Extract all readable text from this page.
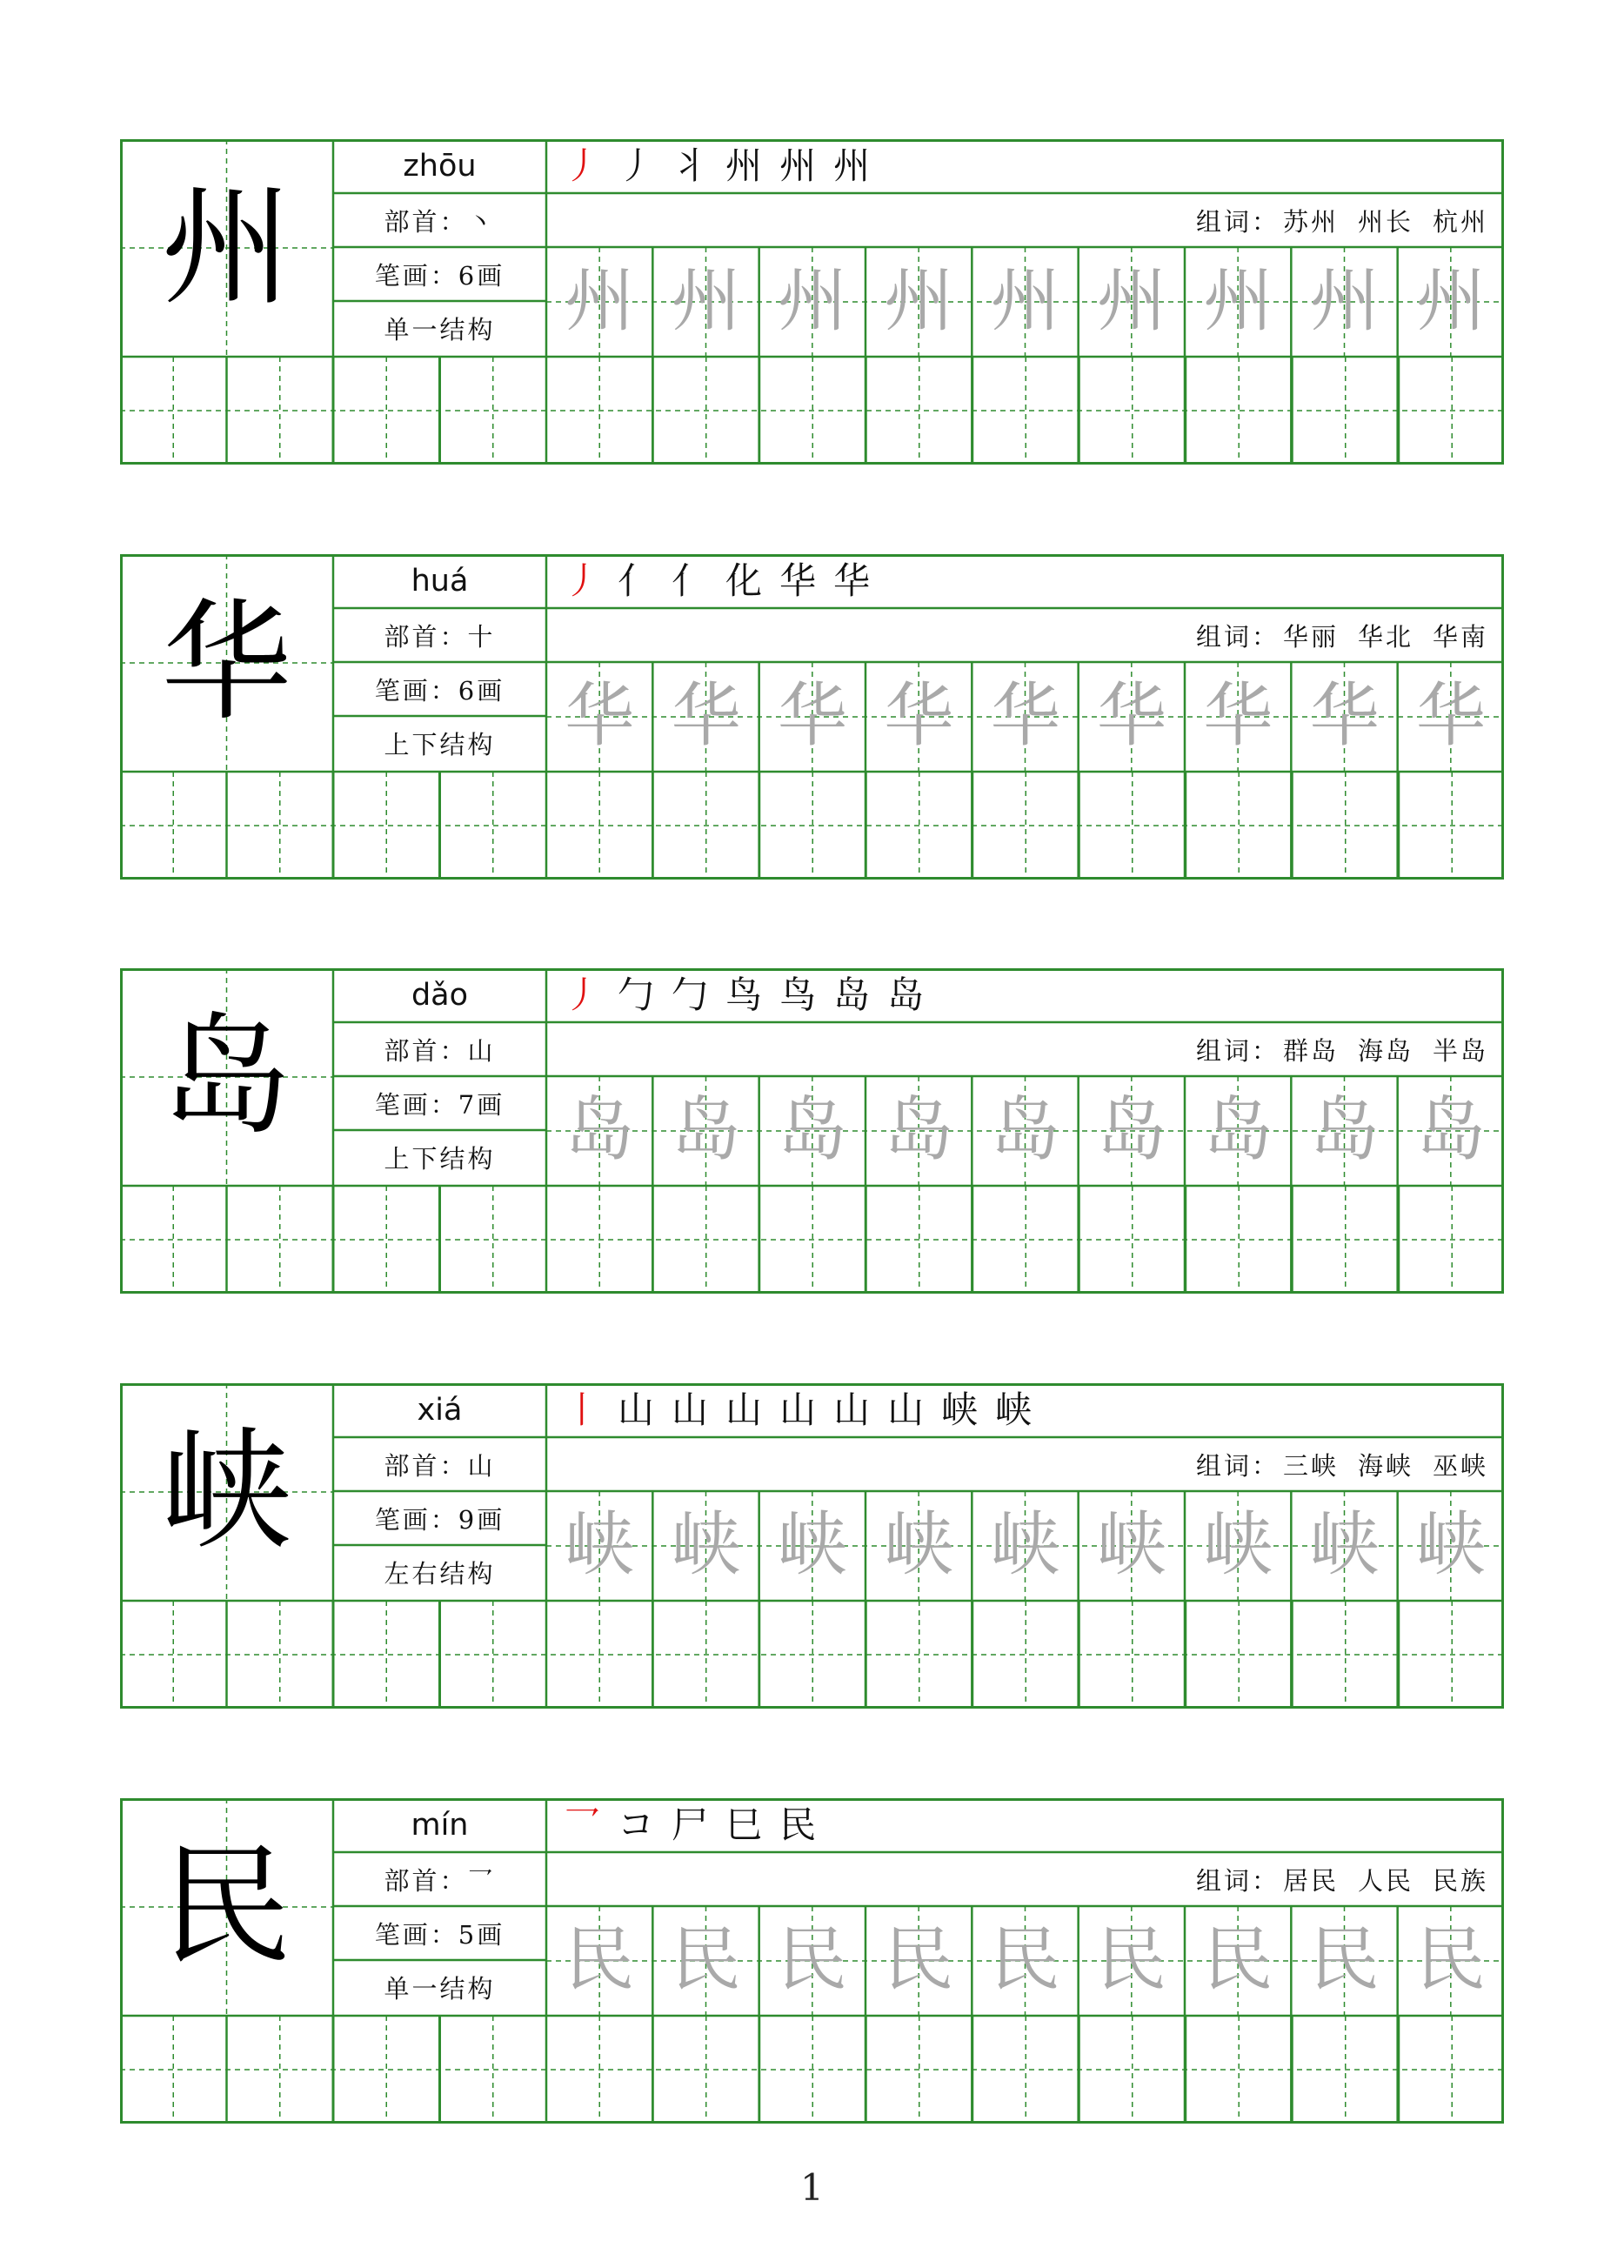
州
zhōu
部首： 丶
笔画： 6画
单一结构
丿 丿 丬 州 州 州
组词： 苏州 州长 杭州
州 州 州 州 州 州 州 州 州
华
huá
部首： 十
笔画： 6画
上下结构
丿 亻 亻 化 华 华
组词： 华丽 华北 华南
华 华 华 华 华 华 华 华 华
岛
dǎo
部首： 山
笔画： 7画
上下结构
丿 勹 勹 鸟 鸟 岛 岛
组词： 群岛 海岛 半岛
岛 岛 岛 岛 岛 岛 岛 岛 岛
峡
xiá
部首： 山
笔画： 9画
左右结构
丨 山 山 山 山 山 山 峡 峡
组词： 三峡 海峡 巫峡
峡 峡 峡 峡 峡 峡 峡 峡 峡
民
mín
部首： 乛
笔画： 5画
单一结构
乛 コ 尸 巳 民
组词： 居民 人民 民族
民 民 民 民 民 民 民 民 民
1
